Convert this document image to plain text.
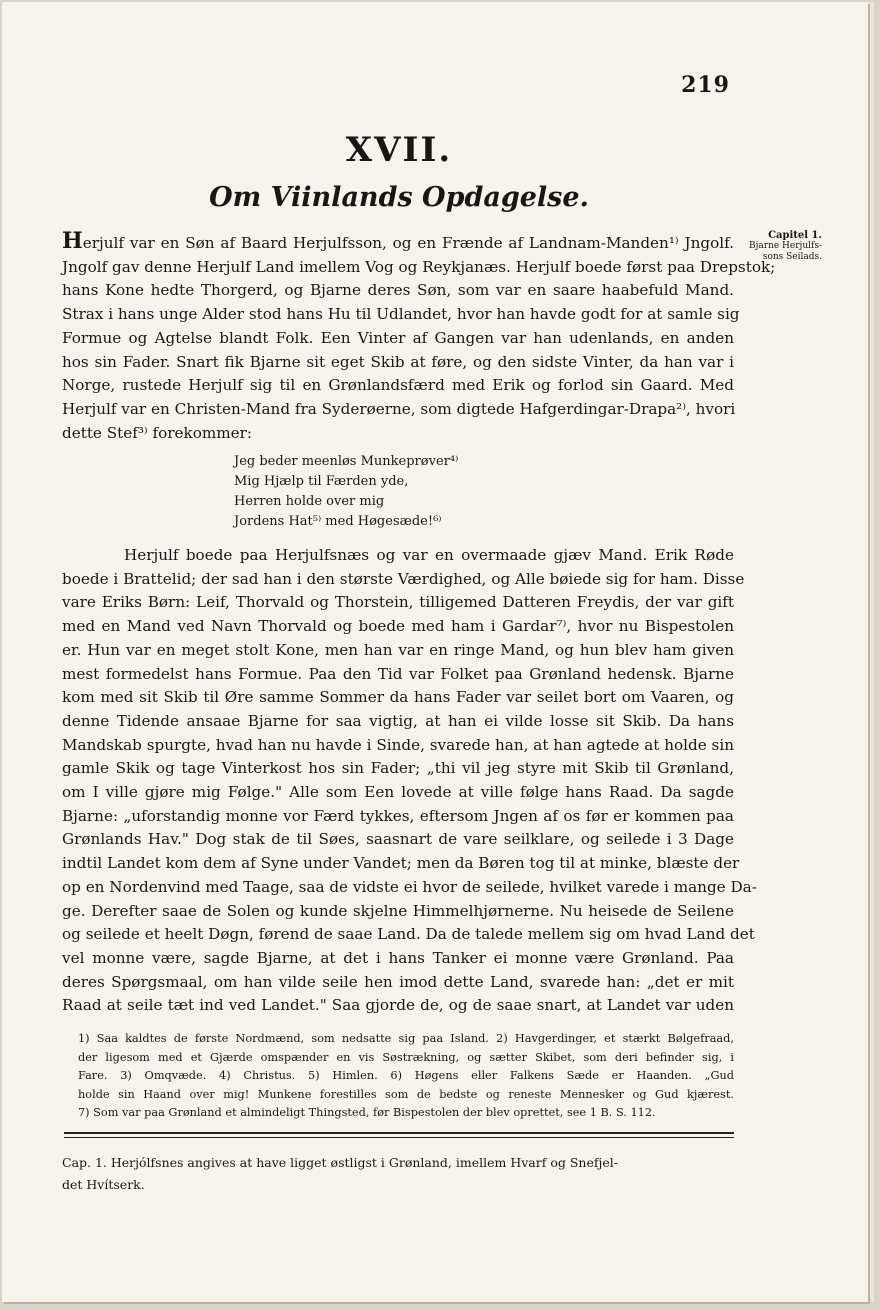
219
XVII.
Om Viinlands Opdagelse.
Herjulf var en Søn af Baard Herjulfsson, og en Frænde af Landnam-Manden¹⁾ Jngolf.
Jngolf gav denne Herjulf Land imellem Vog og Reykjanæs. Herjulf boede først paa Drepstok;
hans Kone hedte Thorgerd, og Bjarne deres Søn, som var en saare haabefuld Mand.
Strax i hans unge Alder stod hans Hu til Udlandet, hvor han havde godt for at samle sig
Formue og Agtelse blandt Folk. Een Vinter af Gangen var han udenlands, en anden
hos sin Fader. Snart fik Bjarne sit eget Skib at føre, og den sidste Vinter, da han var i
Norge, rustede Herjulf sig til en Grønlandsfærd med Erik og forlod sin Gaard. Med
Herjulf var en Christen-Mand fra Syderøerne, som digtede Hafgerdingar-Drapa²⁾, hvori
dette Stef³⁾ forekommer:
Capitel 1.
Bjarne Herjulfs-
sons Seilads.
Jeg beder meenløs Munkeprøver⁴⁾
Mig Hjælp til Færden yde,
Herren holde over mig
Jordens Hat⁵⁾ med Høgesæde!⁶⁾
Herjulf boede paa Herjulfsnæs og var en overmaade gjæv Mand. Erik Røde
boede i Brattelid; der sad han i den største Værdighed, og Alle bøiede sig for ham. Disse
vare Eriks Børn: Leif, Thorvald og Thorstein, tilligemed Datteren Freydis, der var gift
med en Mand ved Navn Thorvald og boede med ham i Gardar⁷⁾, hvor nu Bispestolen
er. Hun var en meget stolt Kone, men han var en ringe Mand, og hun blev ham given
mest formedelst hans Formue. Paa den Tid var Folket paa Grønland hedensk. Bjarne
kom med sit Skib til Øre samme Sommer da hans Fader var seilet bort om Vaaren, og
denne Tidende ansaae Bjarne for saa vigtig, at han ei vilde losse sit Skib. Da hans
Mandskab spurgte, hvad han nu havde i Sinde, svarede han, at han agtede at holde sin
gamle Skik og tage Vinterkost hos sin Fader; „thi vil jeg styre mit Skib til Grønland,
om I ville gjøre mig Følge." Alle som Een lovede at ville følge hans Raad. Da sagde
Bjarne: „uforstandig monne vor Færd tykkes, eftersom Jngen af os før er kommen paa
Grønlands Hav." Dog stak de til Søes, saasnart de vare seilklare, og seilede i 3 Dage
indtil Landet kom dem af Syne under Vandet; men da Børen tog til at minke, blæste der
op en Nordenvind med Taage, saa de vidste ei hvor de seilede, hvilket varede i mange Da-
ge. Derefter saae de Solen og kunde skjelne Himmelhjørnerne. Nu heisede de Seilene
og seilede et heelt Døgn, førend de saae Land. Da de talede mellem sig om hvad Land det
vel monne være, sagde Bjarne, at det i hans Tanker ei monne være Grønland. Paa
deres Spørgsmaal, om han vilde seile hen imod dette Land, svarede han: „det er mit
Raad at seile tæt ind ved Landet." Saa gjorde de, og de saae snart, at Landet var uden
1) Saa kaldtes de første Nordmænd, som nedsatte sig paa Island. 2) Havgerdinger, et stærkt Bølgefraad,
der ligesom med et Gjærde omspænder en vis Søstrækning, og sætter Skibet, som deri befinder sig, i
Fare. 3) Omqvæde. 4) Christus. 5) Himlen. 6) Høgens eller Falkens Sæde er Haanden. „Gud
holde sin Haand over mig! Munkene forestilles som de bedste og reneste Mennesker og Gud kjærest.
7) Som var paa Grønland et almindeligt Thingsted, før Bispestolen der blev oprettet, see 1 B. S. 112.
Cap. 1. Herjólfsnes angives at have ligget østligst i Grønland, imellem Hvarf og Snefjel-
det Hvítserk.
